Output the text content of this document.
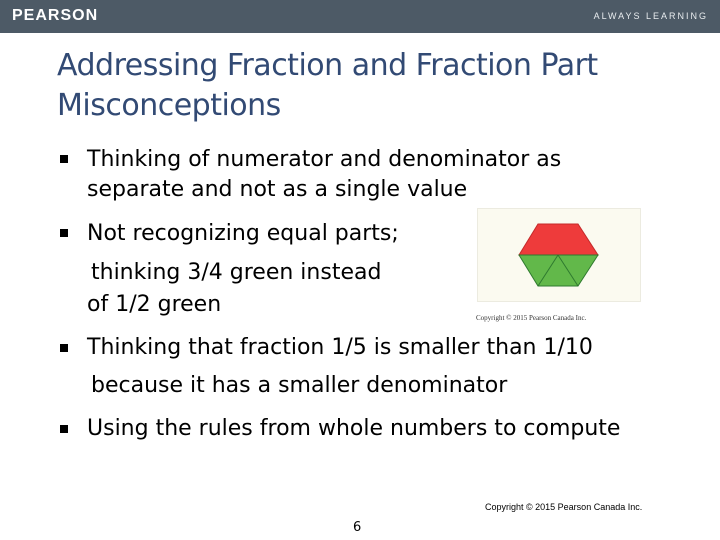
PEARSON	ALWAYS LEARNING
Addressing Fraction and Fraction Part Misconceptions
Thinking of numerator and denominator as
separate and not as a single value
Not recognizing equal parts;
thinking 3/4 green instead
of 1/2 green
Thinking that fraction 1/5 is smaller than 1/10
because it has a smaller denominator
Using the rules from whole numbers to compute
Copyright © 2015 Pearson Canada Inc.
Copyright © 2015 Pearson Canada Inc.
6
